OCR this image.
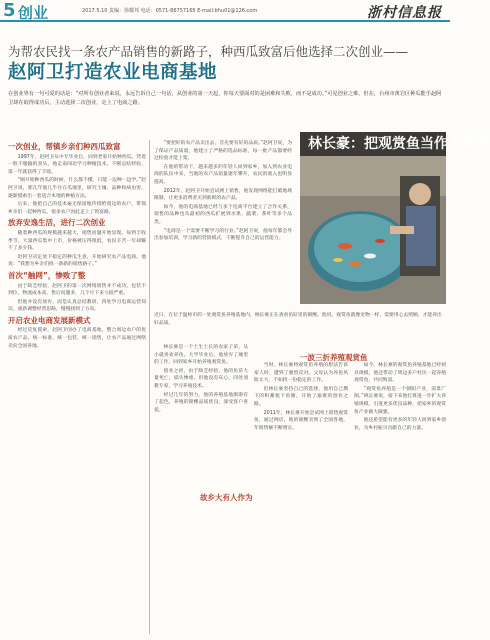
5 创业	2017.5.10 责编：徐耀邦 电话：0571-86757165 E-mail:bhu01@126.com	浙村信息报
为帮农民找一条农产品销售的新路子，种西瓜致富后他选择二次创业——
赵阿卫打造农业电商基地
在创业界有一句可爱的话是：“对所有创业者来说，永远告诉自己一句话，从创业的第一天起，你每天要面对的是困难和失败，而不是成功。”可见创业之难。但在，台州市黄岩区种瓜能手赵阿卫却在取得成功后，主动选择二次创业，走上了电商之路。
一次创业，帮镇乡亲们种西瓜致富

1997年，赵阿卫从中专毕业后，回到老家开始种西瓜。凭着一股不服输的劲头，他走南闯北学习种植技术，不断总结经验，第一年就获得了丰收。

“刚开始种西瓜的时候，什么都不懂，只能一边种一边学。”赵阿卫说，那几年他几乎住在瓜地里，研究土壤、品种和病虫害，逐渐摸索出一套适合本地的种植方法。

后来，他把自己的技术毫无保留地传授给周边的农户，带领乡亲们一起种西瓜，很多农户因此走上了致富路。

放弃安逸生活，进行二次创业

随着种西瓜的规模越来越大，销售问题开始显现。每到丰收季节，大量西瓜集中上市，价格被压得很低，农民辛苦一年却赚不了多少钱。

赵阿卫决定放下稳定的种瓜生意，开始研究农产品电商。他说：“我想为乡亲们找一条新的销售路子。”

首次“触网”，惨败了整

由于缺乏经验，赵阿卫的第一次网络销售并不成功。包装不到位、物流成本高、售后问题多，几个月下来亏损严重。

但他并没有放弃，而是认真总结教训，四处学习电商运营知识，重新调整经营思路，慢慢找到了方向。

开启农业电商发展新模式

经过反复摸索，赵阿卫创办了电商基地，整合周边农户的优质农产品，统一标准、统一包装、统一销售，让农产品通过网络卖向全国各地。

“要把好的农产品卖出去，首先要有好的品质。”赵阿卫说，为了保证产品质量，他建立了严格的选品标准，每一批产品都要经过检验才能上架。

在他的带动下，越来越多的年轻人回到家乡，加入到农业电商的队伍中来，当地的农产品销量逐年攀升，农民的收入也明显提高。

2012年，赵阿卫开始尝试网上销售，他发现网络能打破地域限制，让更多消费者买到新鲜的农产品。

如今，他的电商基地已经与多个电商平台建立了合作关系，销售的品种也从最初的西瓜扩展到水果、蔬菜、茶叶等多个品类。

“电商是一个需要不断学习的行业。”赵阿卫说，他每年都会外出参加培训，学习新的营销模式，不断提升自己的运营能力。

林长豪：把观赏鱼当作宠物养
近日，在位于温岭市的一处观赏鱼养殖基地内，林长豪正在查看鱼缸里的锦鲤。他说，观赏鱼就像宠物一样，需要用心去照顾，才能养出好品质。
一波三折养殖观赏鱼
故乡大有人作为

林长豪是一个土生土长的农家子弟，从小就喜欢养鱼。大学毕业后，他放弃了城里的工作，回到家乡开始养殖观赏鱼。

创业之初，由于缺乏经验，他的鱼苗大量死亡，损失惨重。但他没有灰心，四处请教专家，学习养殖技术。

经过几年的努力，他的养殖基地渐渐有了起色，养殖的锦鲤品质优良，深受客户喜爱。

当时，林长豪将观赏鱼养殖的想法告诉家人时，遭到了强烈反对。父母认为养鱼风险太大，不如找一份稳定的工作。

但林长豪坚持自己的选择，他用自己攒下的积蓄租下鱼塘，开始了艰难的创业之路。

2011年，林长豪开始尝试网上销售观赏鱼，通过网店，他的锦鲤卖到了全国各地，年销售额不断增长。

如今，林长豪的观赏鱼养殖基地已经初具规模，他还带动了周边多户村民一起养殖观赏鱼，共同致富。

“观赏鱼养殖是一个朝阳产业，前景广阔。”林长豪说，接下来他打算进一步扩大养殖规模，引进更多优良品种，把家乡的观赏鱼产业做大做强。

他还希望能有更多的年轻人回到家乡创业，为乡村振兴贡献自己的力量。
